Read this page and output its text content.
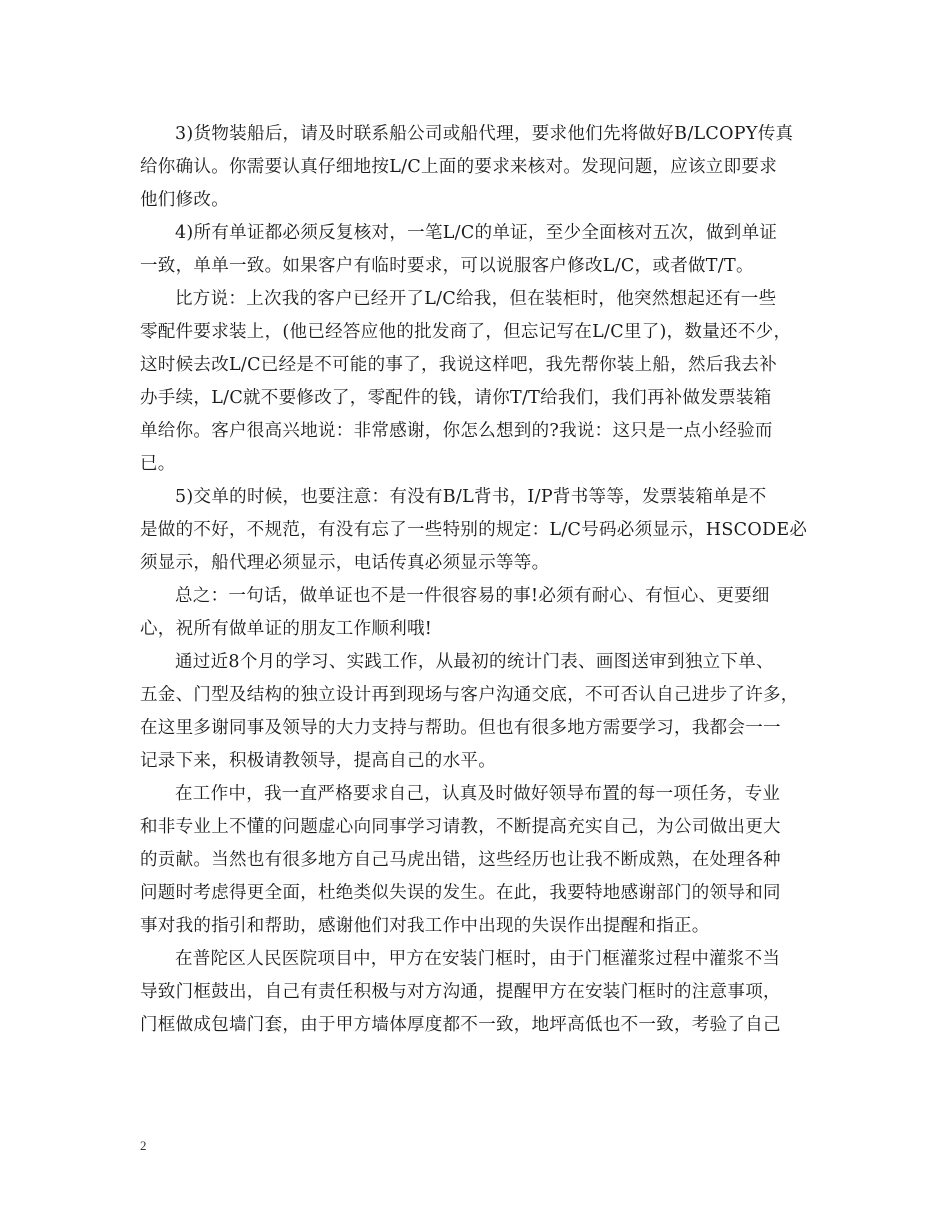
3)货物装船后，请及时联系船公司或船代理，要求他们先将做好B/LCOPY传真
给你确认。你需要认真仔细地按L/C上面的要求来核对。发现问题，应该立即要求
他们修改。

4)所有单证都必须反复核对，一笔L/C的单证，至少全面核对五次，做到单证
一致，单单一致。如果客户有临时要求，可以说服客户修改L/C，或者做T/T。

比方说：上次我的客户已经开了L/C给我，但在装柜时，他突然想起还有一些
零配件要求装上，(他已经答应他的批发商了，但忘记写在L/C里了)，数量还不少，
这时候去改L/C已经是不可能的事了，我说这样吧，我先帮你装上船，然后我去补
办手续，L/C就不要修改了，零配件的钱，请你T/T给我们，我们再补做发票装箱
单给你。客户很高兴地说：非常感谢，你怎么想到的?我说：这只是一点小经验而
已。

5)交单的时候，也要注意：有没有B/L背书，I/P背书等等，发票装箱单是不
是做的不好，不规范，有没有忘了一些特别的规定：L/C号码必须显示，HSCODE必
须显示，船代理必须显示，电话传真必须显示等等。

总之：一句话，做单证也不是一件很容易的事!必须有耐心、有恒心、更要细
心，祝所有做单证的朋友工作顺利哦!

通过近8个月的学习、实践工作，从最初的统计门表、画图送审到独立下单、
五金、门型及结构的独立设计再到现场与客户沟通交底，不可否认自己进步了许多，
在这里多谢同事及领导的大力支持与帮助。但也有很多地方需要学习，我都会一一
记录下来，积极请教领导，提高自己的水平。

在工作中，我一直严格要求自己，认真及时做好领导布置的每一项任务，专业
和非专业上不懂的问题虚心向同事学习请教，不断提高充实自己，为公司做出更大
的贡献。当然也有很多地方自己马虎出错，这些经历也让我不断成熟，在处理各种
问题时考虑得更全面，杜绝类似失误的发生。在此，我要特地感谢部门的领导和同
事对我的指引和帮助，感谢他们对我工作中出现的失误作出提醒和指正。

在普陀区人民医院项目中，甲方在安装门框时，由于门框灌浆过程中灌浆不当
导致门框鼓出，自己有责任积极与对方沟通，提醒甲方在安装门框时的注意事项，
门框做成包墙门套，由于甲方墙体厚度都不一致，地坪高低也不一致，考验了自己

2
